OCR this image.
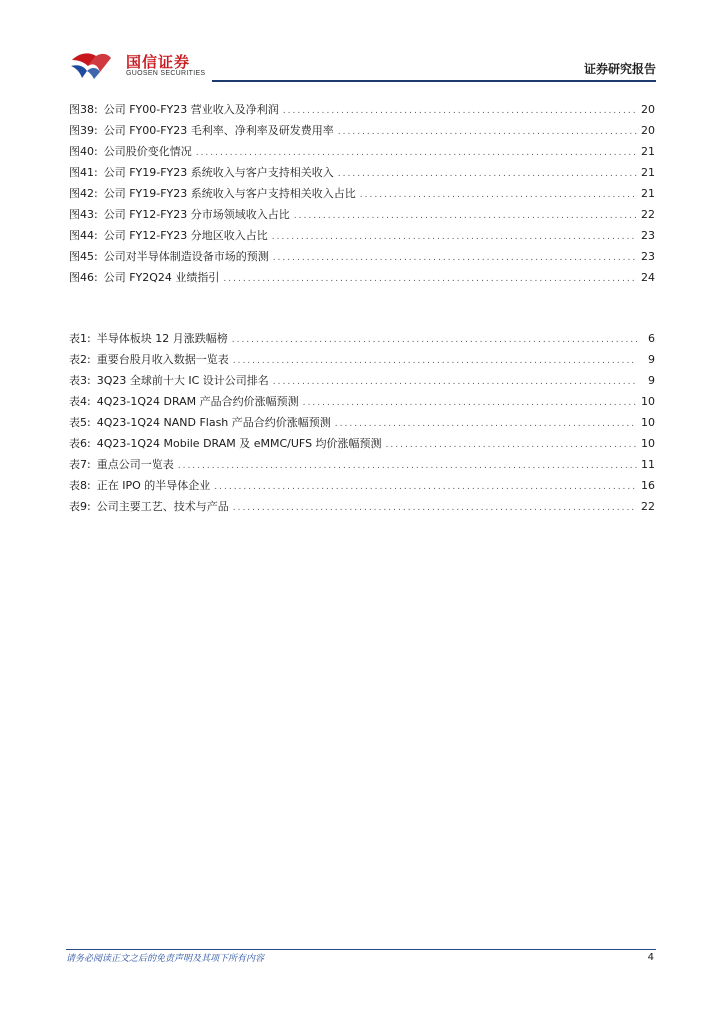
国信证券
GUOSEN SECURITIES	证券研究报告
图38: 公司 FY00-FY23 营业收入及净利润 .....	20
图39: 公司 FY00-FY23 毛利率、净利率及研发费用率 .....	20
图40: 公司股价变化情况 .....	21
图41: 公司 FY19-FY23 系统收入与客户支持相关收入 .....	21
图42: 公司 FY19-FY23 系统收入与客户支持相关收入占比 .....	21
图43: 公司 FY12-FY23 分市场领域收入占比 .....	22
图44: 公司 FY12-FY23 分地区收入占比 .....	23
图45: 公司对半导体制造设备市场的预测 .....	23
图46: 公司 FY2Q24 业绩指引 .....	24
表1: 半导体板块 12 月涨跌幅榜 .....	6
表2: 重要台股月收入数据一览表 .....	9
表3: 3Q23 全球前十大 IC 设计公司排名 .....	9
表4: 4Q23-1Q24 DRAM 产品合约价涨幅预测 .....	10
表5: 4Q23-1Q24 NAND Flash 产品合约价涨幅预测 .....	10
表6: 4Q23-1Q24 Mobile DRAM 及 eMMC/UFS 均价涨幅预测 .....	10
表7: 重点公司一览表 .....	11
表8: 正在 IPO 的半导体企业 .....	16
表9: 公司主要工艺、技术与产品 .....	22
请务必阅读正文之后的免责声明及其项下所有内容	4
